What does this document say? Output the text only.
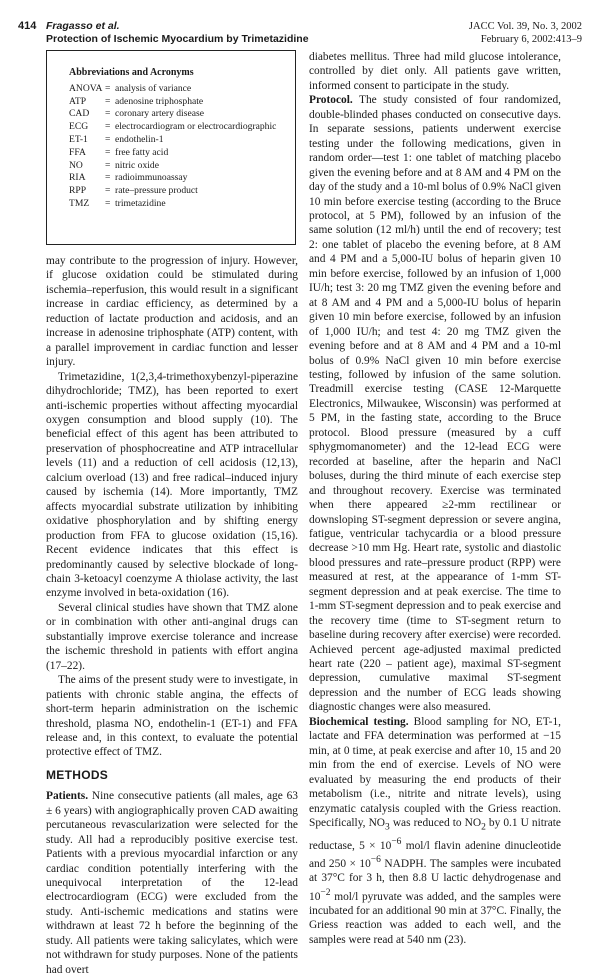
414 Fragasso et al.
Protection of Ischemic Myocardium by Trimetazidine
JACC Vol. 39, No. 3, 2002
February 6, 2002:413–9
Abbreviations and Acronyms
ANOVA = analysis of variance
ATP	= adenosine triphosphate
CAD	= coronary artery disease
ECG	= electrocardiogram or electrocardiographic
ET-1	= endothelin-1
FFA	= free fatty acid
NO	= nitric oxide
RIA	= radioimmunoassay
RPP	= rate–pressure product
TMZ	= trimetazidine

may contribute to the progression of injury. However, if glucose oxidation could be stimulated during ischemia–reperfusion, this would result in a significant increase in cardiac efficiency, as determined by a reduction of lactate production and acidosis, and an increase in adenosine triphosphate (ATP) content, with a parallel improvement in cardiac function and lesser injury.

Trimetazidine, 1(2,3,4-trimethoxybenzyl-piperazine dihydrochloride; TMZ), has been reported to exert anti-ischemic properties without affecting myocardial oxygen consumption and blood supply (10). The beneficial effect of this agent has been attributed to preservation of phosphocreatine and ATP intracellular levels (11) and a reduction of cell acidosis (12,13), calcium overload (13) and free radical–induced injury caused by ischemia (14). More importantly, TMZ affects myocardial substrate utilization by inhibiting oxidative phosphorylation and by shifting energy production from FFA to glucose oxidation (15,16). Recent evidence indicates that this effect is predominantly caused by selective blockade of long-chain 3-ketoacyl coenzyme A thiolase activity, the last enzyme involved in beta-oxidation (16).

Several clinical studies have shown that TMZ alone or in combination with other anti-anginal drugs can substantially improve exercise tolerance and increase the ischemic threshold in patients with effort angina (17–22).

The aims of the present study were to investigate, in patients with chronic stable angina, the effects of short-term heparin administration on the ischemic threshold, plasma NO, endothelin-1 (ET-1) and FFA release and, in this context, to evaluate the potential protective effect of TMZ.

METHODS

Patients. Nine consecutive patients (all males, age 63 ± 6 years) with angiographically proven CAD awaiting percutaneous revascularization were selected for the study. All had a reproducibly positive exercise test. Patients with a previous myocardial infarction or any cardiac condition potentially interfering with the unequivocal interpretation of the 12-lead electrocardiogram (ECG) were excluded from the study. Anti-ischemic medications and statins were withdrawn at least 72 h before the beginning of the study. All patients were taking salicylates, which were not withdrawn for study purposes. None of the patients had overt

diabetes mellitus. Three had mild glucose intolerance, controlled by diet only. All patients gave written, informed consent to participate in the study.

Protocol. The study consisted of four randomized, double-blinded phases conducted on consecutive days. In separate sessions, patients underwent exercise testing under the following medications, given in random order—test 1: one tablet of matching placebo given the evening before and at 8 AM and 4 PM on the day of the study and a 10-ml bolus of 0.9% NaCl given 10 min before exercise testing (according to the Bruce protocol, at 5 PM), followed by an infusion of the same solution (12 ml/h) until the end of recovery; test 2: one tablet of placebo the evening before, at 8 AM and 4 PM and a 5,000-IU bolus of heparin given 10 min before exercise, followed by an infusion of 1,000 IU/h; test 3: 20 mg TMZ given the evening before and at 8 AM and 4 PM and a 5,000-IU bolus of heparin given 10 min before exercise, followed by an infusion of 1,000 IU/h; and test 4: 20 mg TMZ given the evening before and at 8 AM and 4 PM and a 10-ml bolus of 0.9% NaCl given 10 min before exercise testing, followed by infusion of the same solution. Treadmill exercise testing (CASE 12-Marquette Electronics, Milwaukee, Wisconsin) was performed at 5 PM, in the fasting state, according to the Bruce protocol. Blood pressure (measured by a cuff sphygmomanometer) and the 12-lead ECG were recorded at baseline, after the heparin and NaCl boluses, during the third minute of each exercise step and throughout recovery. Exercise was terminated when there appeared ≥2-mm rectilinear or downsloping ST-segment depression or severe angina, fatigue, ventricular tachycardia or a blood pressure decrease >10 mm Hg. Heart rate, systolic and diastolic blood pressures and rate–pressure product (RPP) were measured at rest, at the appearance of 1-mm ST-segment depression and at peak exercise. The time to 1-mm ST-segment depression and to peak exercise and the recovery time (time to ST-segment return to baseline during recovery after exercise) were recorded. Achieved percent age-adjusted maximal predicted heart rate (220 – patient age), maximal ST-segment depression, cumulative maximal ST-segment depression and the number of ECG leads showing diagnostic changes were also measured.

Biochemical testing. Blood sampling for NO, ET-1, lactate and FFA determination was performed at −15 min, at 0 time, at peak exercise and after 10, 15 and 20 min from the end of exercise. Levels of NO were evaluated by measuring the end products of their metabolism (i.e., nitrite and nitrate levels), using enzymatic catalysis coupled with the Griess reaction. Specifically, $NO_3$ was reduced to $NO_2$ by 0.1 U nitrate reductase, $5 \times 10^{-6}$ mol/l flavin adenine dinucleotide and $250 \times 10^{-6}$ NADPH. The samples were incubated at 37°C for 3 h, then 8.8 U lactic dehydrogenase and $10^{-2}$ mol/l pyruvate was added, and the samples were incubated for an additional 90 min at 37°C. Finally, the Griess reaction was added to each well, and the samples were read at 540 nm (23).
